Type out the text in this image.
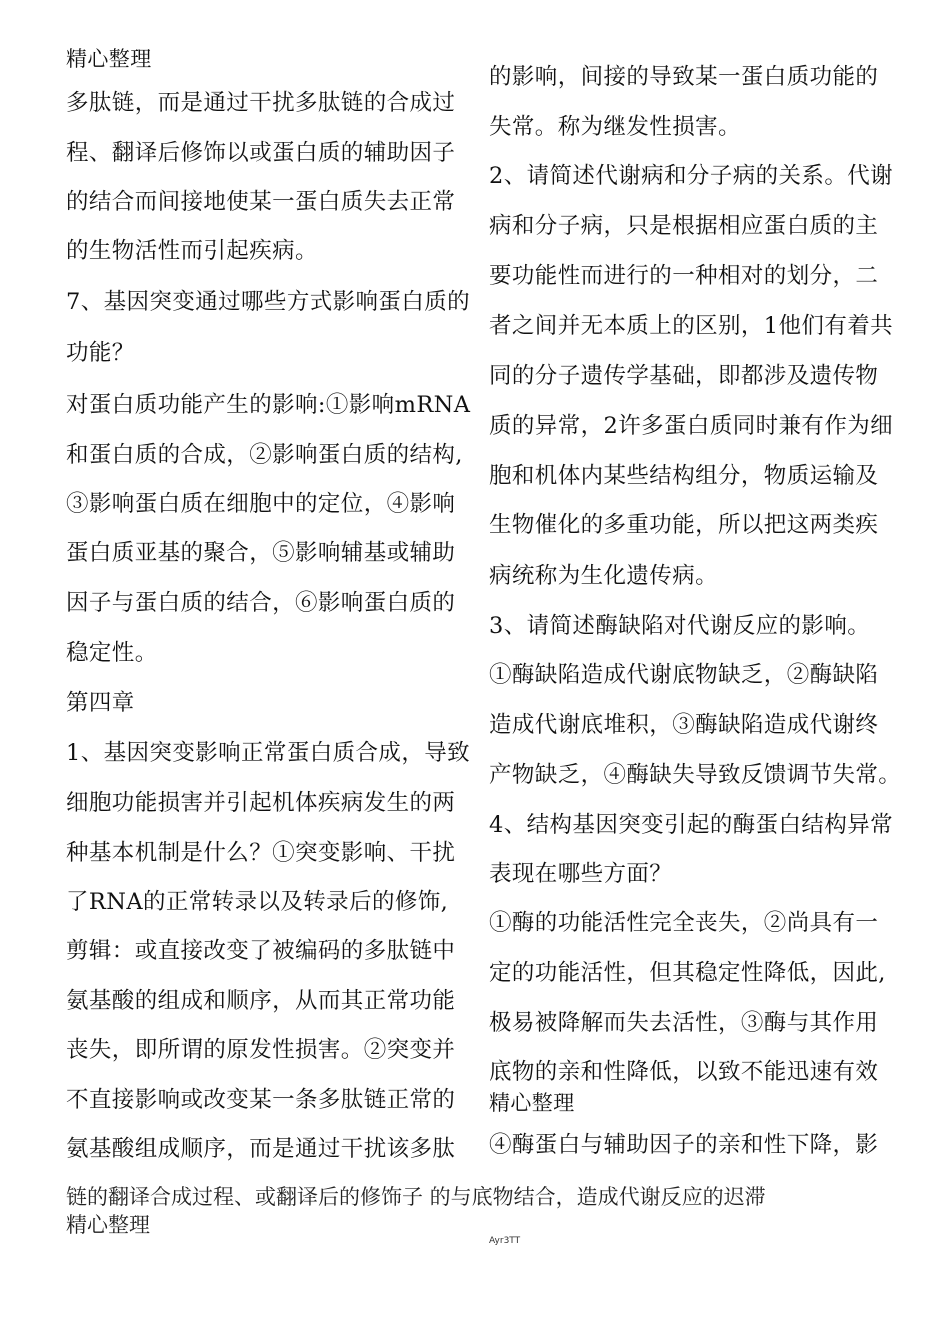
精心整理
多肽链，而是通过干扰多肽链的合成过
程、翻译后修饰以或蛋白质的辅助因子
的结合而间接地使某一蛋白质失去正常
的生物活性而引起疾病。
7、基因突变通过哪些方式影响蛋白质的
功能？
对蛋白质功能产生的影响:①影响mRNA
和蛋白质的合成，②影响蛋白质的结构,
③影响蛋白质在细胞中的定位，④影响
蛋白质亚基的聚合，⑤影响辅基或辅助
因子与蛋白质的结合，⑥影响蛋白质的
稳定性。
第四章
1、基因突变影响正常蛋白质合成，导致
细胞功能损害并引起机体疾病发生的两
种基本机制是什么？①突变影响、干扰
了RNA的正常转录以及转录后的修饰,
剪辑：或直接改变了被编码的多肽链中
氨基酸的组成和顺序，从而其正常功能
丧失，即所谓的原发性损害。②突变并
不直接影响或改变某一条多肽链正常的
氨基酸组成顺序，而是通过干扰该多肽
的影响，间接的导致某一蛋白质功能的
失常。称为继发性损害。
2、请简述代谢病和分子病的关系。代谢
病和分子病，只是根据相应蛋白质的主
要功能性而进行的一种相对的划分，二
者之间并无本质上的区别，1他们有着共
同的分子遗传学基础，即都涉及遗传物
质的异常，2许多蛋白质同时兼有作为细
胞和机体内某些结构组分，物质运输及
生物催化的多重功能，所以把这两类疾
病统称为生化遗传病。
3、请简述酶缺陷对代谢反应的影响。
①酶缺陷造成代谢底物缺乏，②酶缺陷
造成代谢底堆积，③酶缺陷造成代谢终
产物缺乏，④酶缺失导致反馈调节失常。
4、结构基因突变引起的酶蛋白结构异常
表现在哪些方面？
①酶的功能活性完全丧失，②尚具有一
定的功能活性，但其稳定性降低，因此,
极易被降解而失去活性，③酶与其作用
底物的亲和性降低，以致不能迅速有效
精心整理
④酶蛋白与辅助因子的亲和性下降，影
链的翻译合成过程、或翻译后的修饰子 的与底物结合，造成代谢反应的迟滞
精心整理
Ayr3TT
